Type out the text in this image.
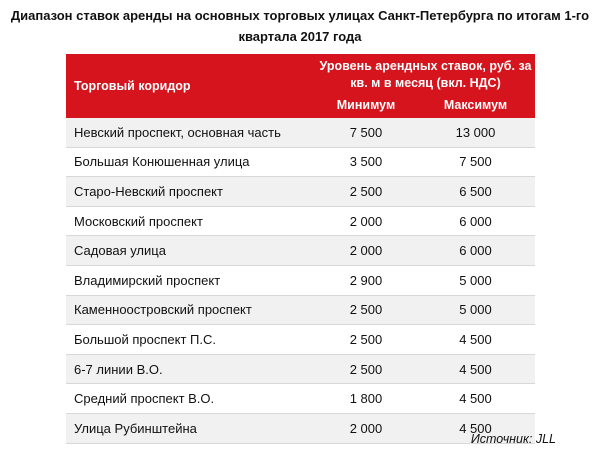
Диапазон ставок аренды на основных торговых улицах Санкт-Петербурга по итогам 1-го квартала 2017 года
Торговый коридор	Уровень арендных ставок, руб. за кв. м в месяц (вкл. НДС)	
	Минимум	Максимум
Невский проспект, основная часть	7 500	13 000
Большая Конюшенная улица	3 500	7 500
Старо-Невский проспект	2 500	6 500
Московский проспект	2 000	6 000
Садовая улица	2 000	6 000
Владимирский проспект	2 900	5 000
Каменноостровский проспект	2 500	5 000
Большой проспект П.С.	2 500	4 500
6-7 линии В.О.	2 500	4 500
Средний проспект В.О.	1 800	4 500
Улица Рубинштейна	2 000	4 500
Источник: JLL
